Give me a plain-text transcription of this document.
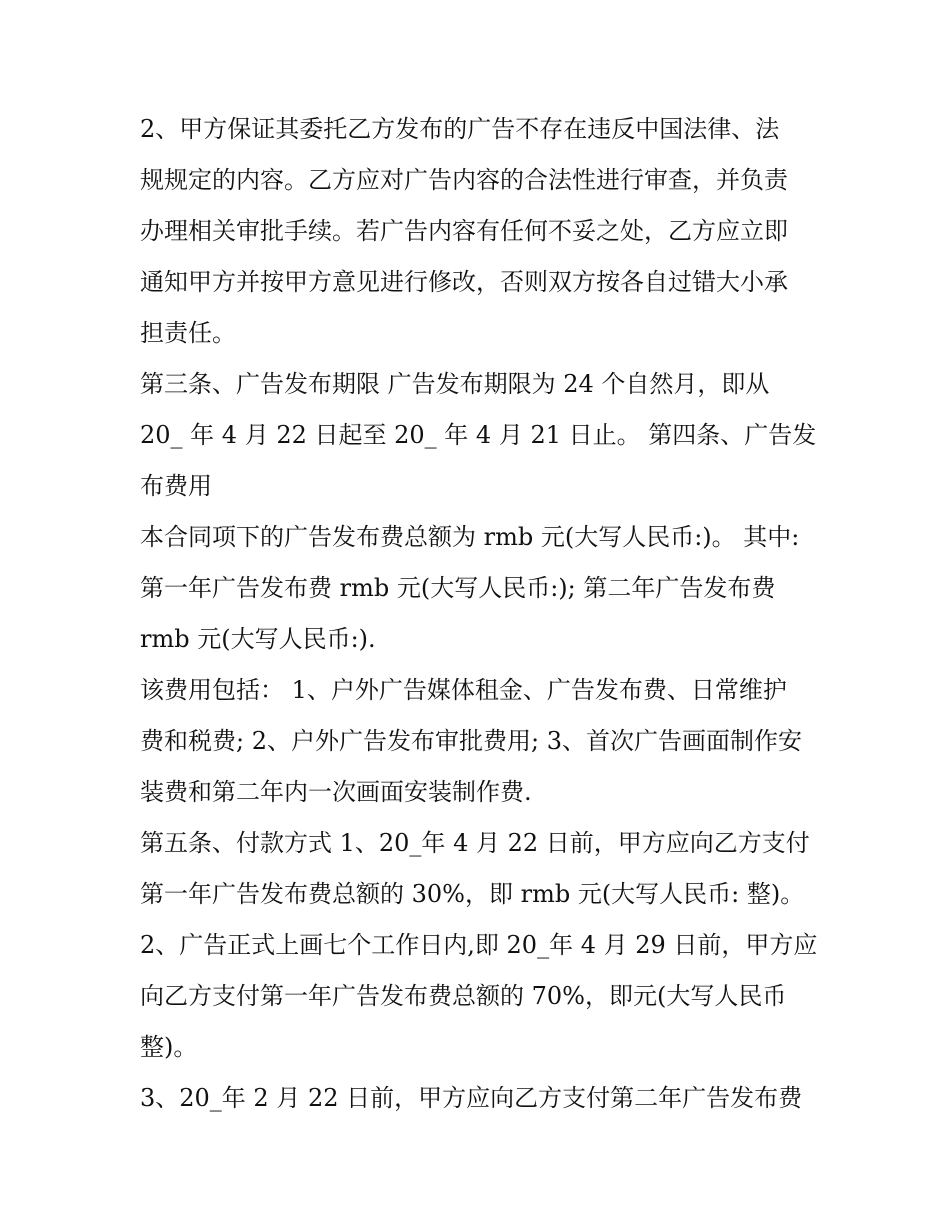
2、甲方保证其委托乙方发布的广告不存在违反中国法律、法
规规定的内容。乙方应对广告内容的合法性进行审查，并负责
办理相关审批手续。若广告内容有任何不妥之处，乙方应立即
通知甲方并按甲方意见进行修改，否则双方按各自过错大小承
担责任。
第三条、广告发布期限 广告发布期限为 24 个自然月，即从
20_ 年 4 月 22 日起至 20_ 年 4 月 21 日止。 第四条、广告发
布费用
本合同项下的广告发布费总额为 rmb 元(大写人民币:)。 其中:
第一年广告发布费 rmb 元(大写人民币:); 第二年广告发布费
rmb 元(大写人民币:).
该费用包括： 1、户外广告媒体租金、广告发布费、日常维护
费和税费; 2、户外广告发布审批费用; 3、首次广告画面制作安
装费和第二年内一次画面安装制作费.
第五条、付款方式 1、20_年 4 月 22 日前，甲方应向乙方支付
第一年广告发布费总额的 30%，即 rmb 元(大写人民币: 整)。
2、广告正式上画七个工作日内,即 20_年 4 月 29 日前，甲方应
向乙方支付第一年广告发布费总额的 70%，即元(大写人民币
整)。
3、20_年 2 月 22 日前，甲方应向乙方支付第二年广告发布费
